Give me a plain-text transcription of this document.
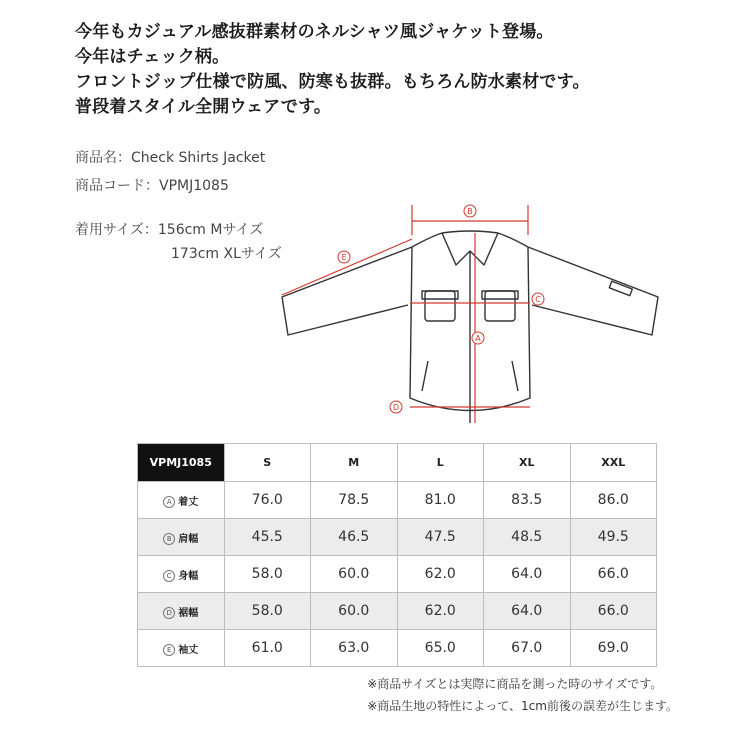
今年もカジュアル感抜群素材のネルシャツ風ジャケット登場。
今年はチェック柄。
フロントジップ仕様で防風、防寒も抜群。もちろん防水素材です。
普段着スタイル全開ウェアです。
商品名：Check Shirts Jacket
商品コード：VPMJ1085
着用サイズ：156cm Mサイズ
173cm XLサイズ
B
E
C
A
D
VPMJ1085	S	M	L	XL	XXL
A 着丈	76.0	78.5	81.0	83.5	86.0
B 肩幅	45.5	46.5	47.5	48.5	49.5
C 身幅	58.0	60.0	62.0	64.0	66.0
D 裾幅	58.0	60.0	62.0	64.0	66.0
E 袖丈	61.0	63.0	65.0	67.0	69.0
※商品サイズとは実際に商品を測った時のサイズです。
※商品生地の特性によって、1cm前後の誤差が生じます。
